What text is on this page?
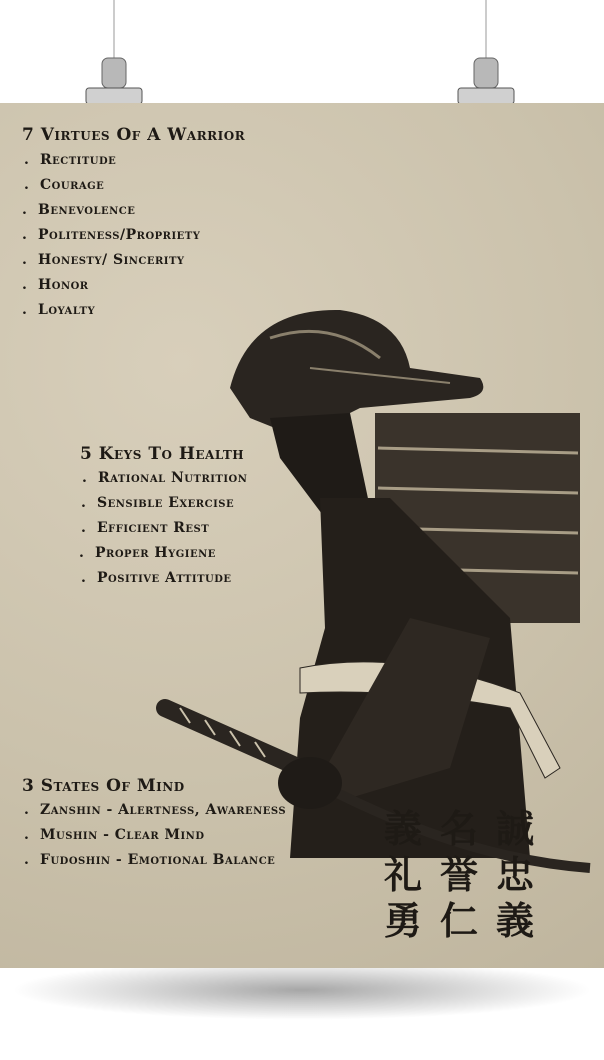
7 Virtues Of A Warrior
. Rectitude
. Courage
. Benevolence
. Politeness/Propriety
. Honesty/ Sincerity
. Honor
. Loyalty
5 Keys To Health
. Rational Nutrition
. Sensible Exercise
. Efficient Rest
. Proper Hygiene
. Positive Attitude
3 States Of Mind
. Zanshin - Alertness, Awareness
. Mushin - Clear Mind
. Fudoshin - Emotional Balance
義 名 誠
礼 誉 忠
勇 仁 義
